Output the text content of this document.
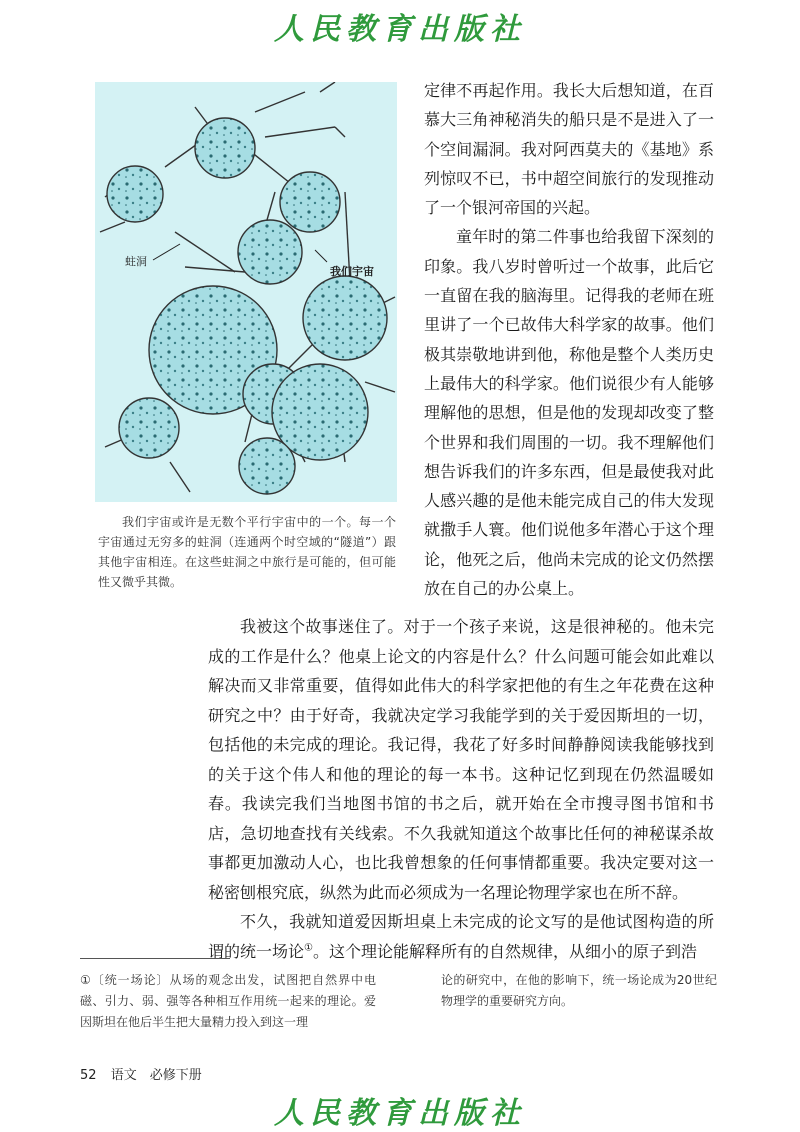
人民教育出版社
蛀洞
我们宇宙

我们宇宙或许是无数个平行宇宙中的一个。每一个宇宙通过无穷多的蛀洞（连通两个时空域的“隧道”）跟其他宇宙相连。在这些蛀洞之中旅行是可能的，但可能性又微乎其微。

定律不再起作用。我长大后想知道，在百慕大三角神秘消失的船只是不是进入了一个空间漏洞。我对阿西莫夫的《基地》系列惊叹不已，书中超空间旅行的发现推动了一个银河帝国的兴起。

童年时的第二件事也给我留下深刻的印象。我八岁时曾听过一个故事，此后它一直留在我的脑海里。记得我的老师在班里讲了一个已故伟大科学家的故事。他们极其崇敬地讲到他，称他是整个人类历史上最伟大的科学家。他们说很少有人能够理解他的思想，但是他的发现却改变了整个世界和我们周围的一切。我不理解他们想告诉我们的许多东西，但是最使我对此人感兴趣的是他未能完成自己的伟大发现就撒手人寰。他们说他多年潜心于这个理论，他死之后，他尚未完成的论文仍然摆放在自己的办公桌上。

我被这个故事迷住了。对于一个孩子来说，这是很神秘的。他未完成的工作是什么？他桌上论文的内容是什么？什么问题可能会如此难以解决而又非常重要，值得如此伟大的科学家把他的有生之年花费在这种研究之中？由于好奇，我就决定学习我能学到的关于爱因斯坦的一切，包括他的未完成的理论。我记得，我花了好多时间静静阅读我能够找到的关于这个伟人和他的理论的每一本书。这种记忆到现在仍然温暖如春。我读完我们当地图书馆的书之后，就开始在全市搜寻图书馆和书店，急切地查找有关线索。不久我就知道这个故事比任何的神秘谋杀故事都更加激动人心，也比我曾想象的任何事情都重要。我决定要对这一秘密刨根究底，纵然为此而必须成为一名理论物理学家也在所不辞。

不久，我就知道爱因斯坦桌上未完成的论文写的是他试图构造的所谓的统一场论①。这个理论能解释所有的自然规律，从细小的原子到浩

①〔统一场论〕从场的观念出发，试图把自然界中电磁、引力、弱、强等各种相互作用统一起来的理论。爱因斯坦在他后半生把大量精力投入到这一理

论的研究中，在他的影响下，统一场论成为20世纪物理学的重要研究方向。

52 语文　必修下册
人民教育出版社
